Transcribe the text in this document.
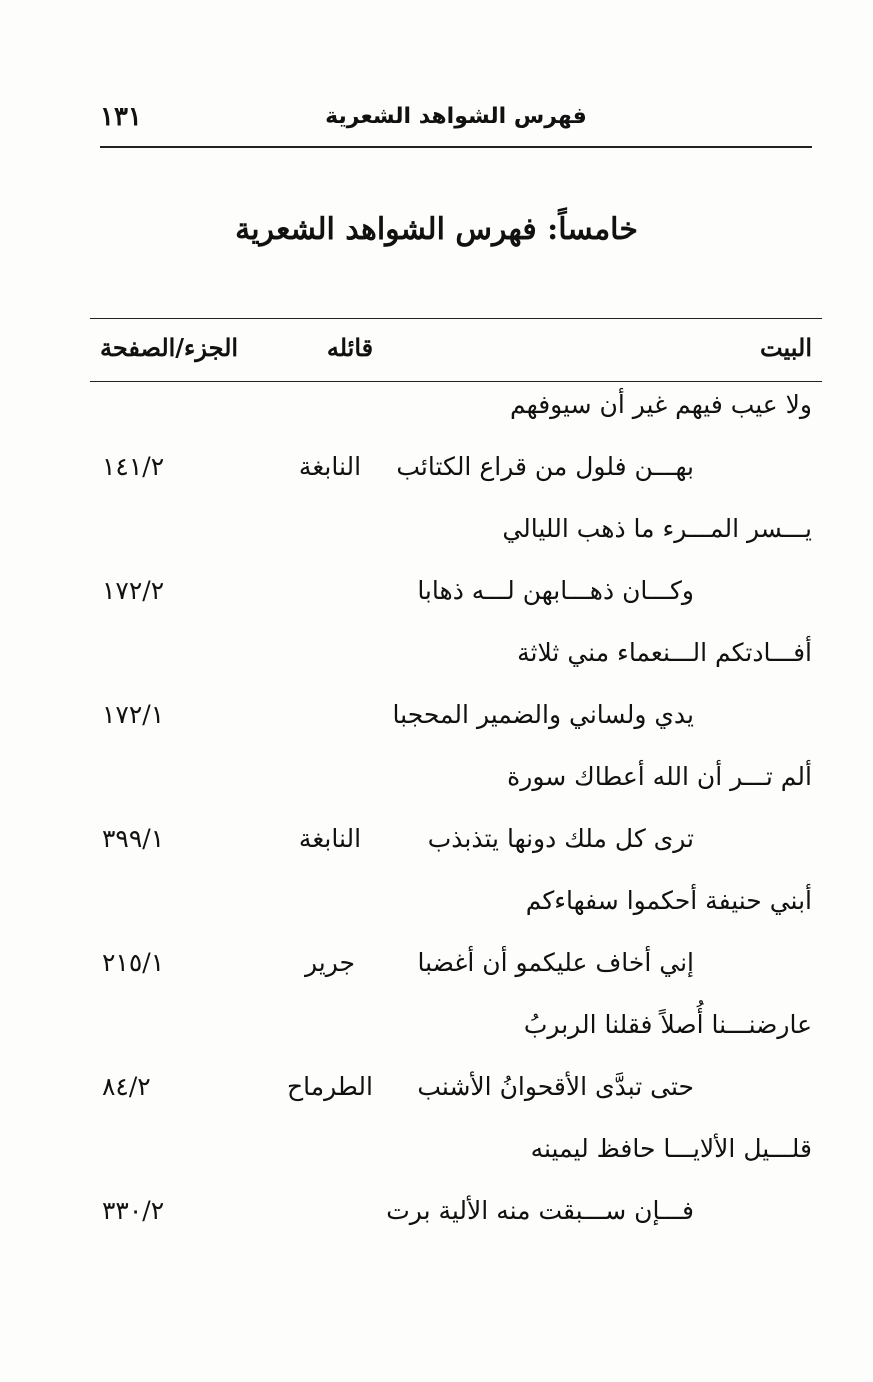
١٣١	فهرس الشواهد الشعرية
خامساً: فهرس الشواهد الشعرية
البيت
قائله
الجزء/الصفحة
ولا عيب فيهم غير أن سيوفهم
بهـــن فلول من قراع الكتائب
النابغة
١٤١/٢
يـــسر المـــرء ما ذهب الليالي
وكـــان ذهـــابهن لـــه ذهابا
١٧٢/٢
أفـــادتكم الـــنعماء مني ثلاثة
يدي ولساني والضمير المحجبا
١٧٢/١
ألم تـــر أن الله أعطاك سورة
ترى كل ملك دونها يتذبذب
النابغة
٣٩٩/١
أبني حنيفة أحكموا سفهاءكم
إني أخاف عليكمو أن أغضبا
جرير
٢١٥/١
عارضنـــنا أُصلاً فقلنا الربربُ
حتى تبدَّى الأقحوانُ الأشنب
الطرماح
٨٤/٢
قلـــيل الألايـــا حافظ ليمينه
فـــإن ســـبقت منه الألية برت
٣٣٠/٢
